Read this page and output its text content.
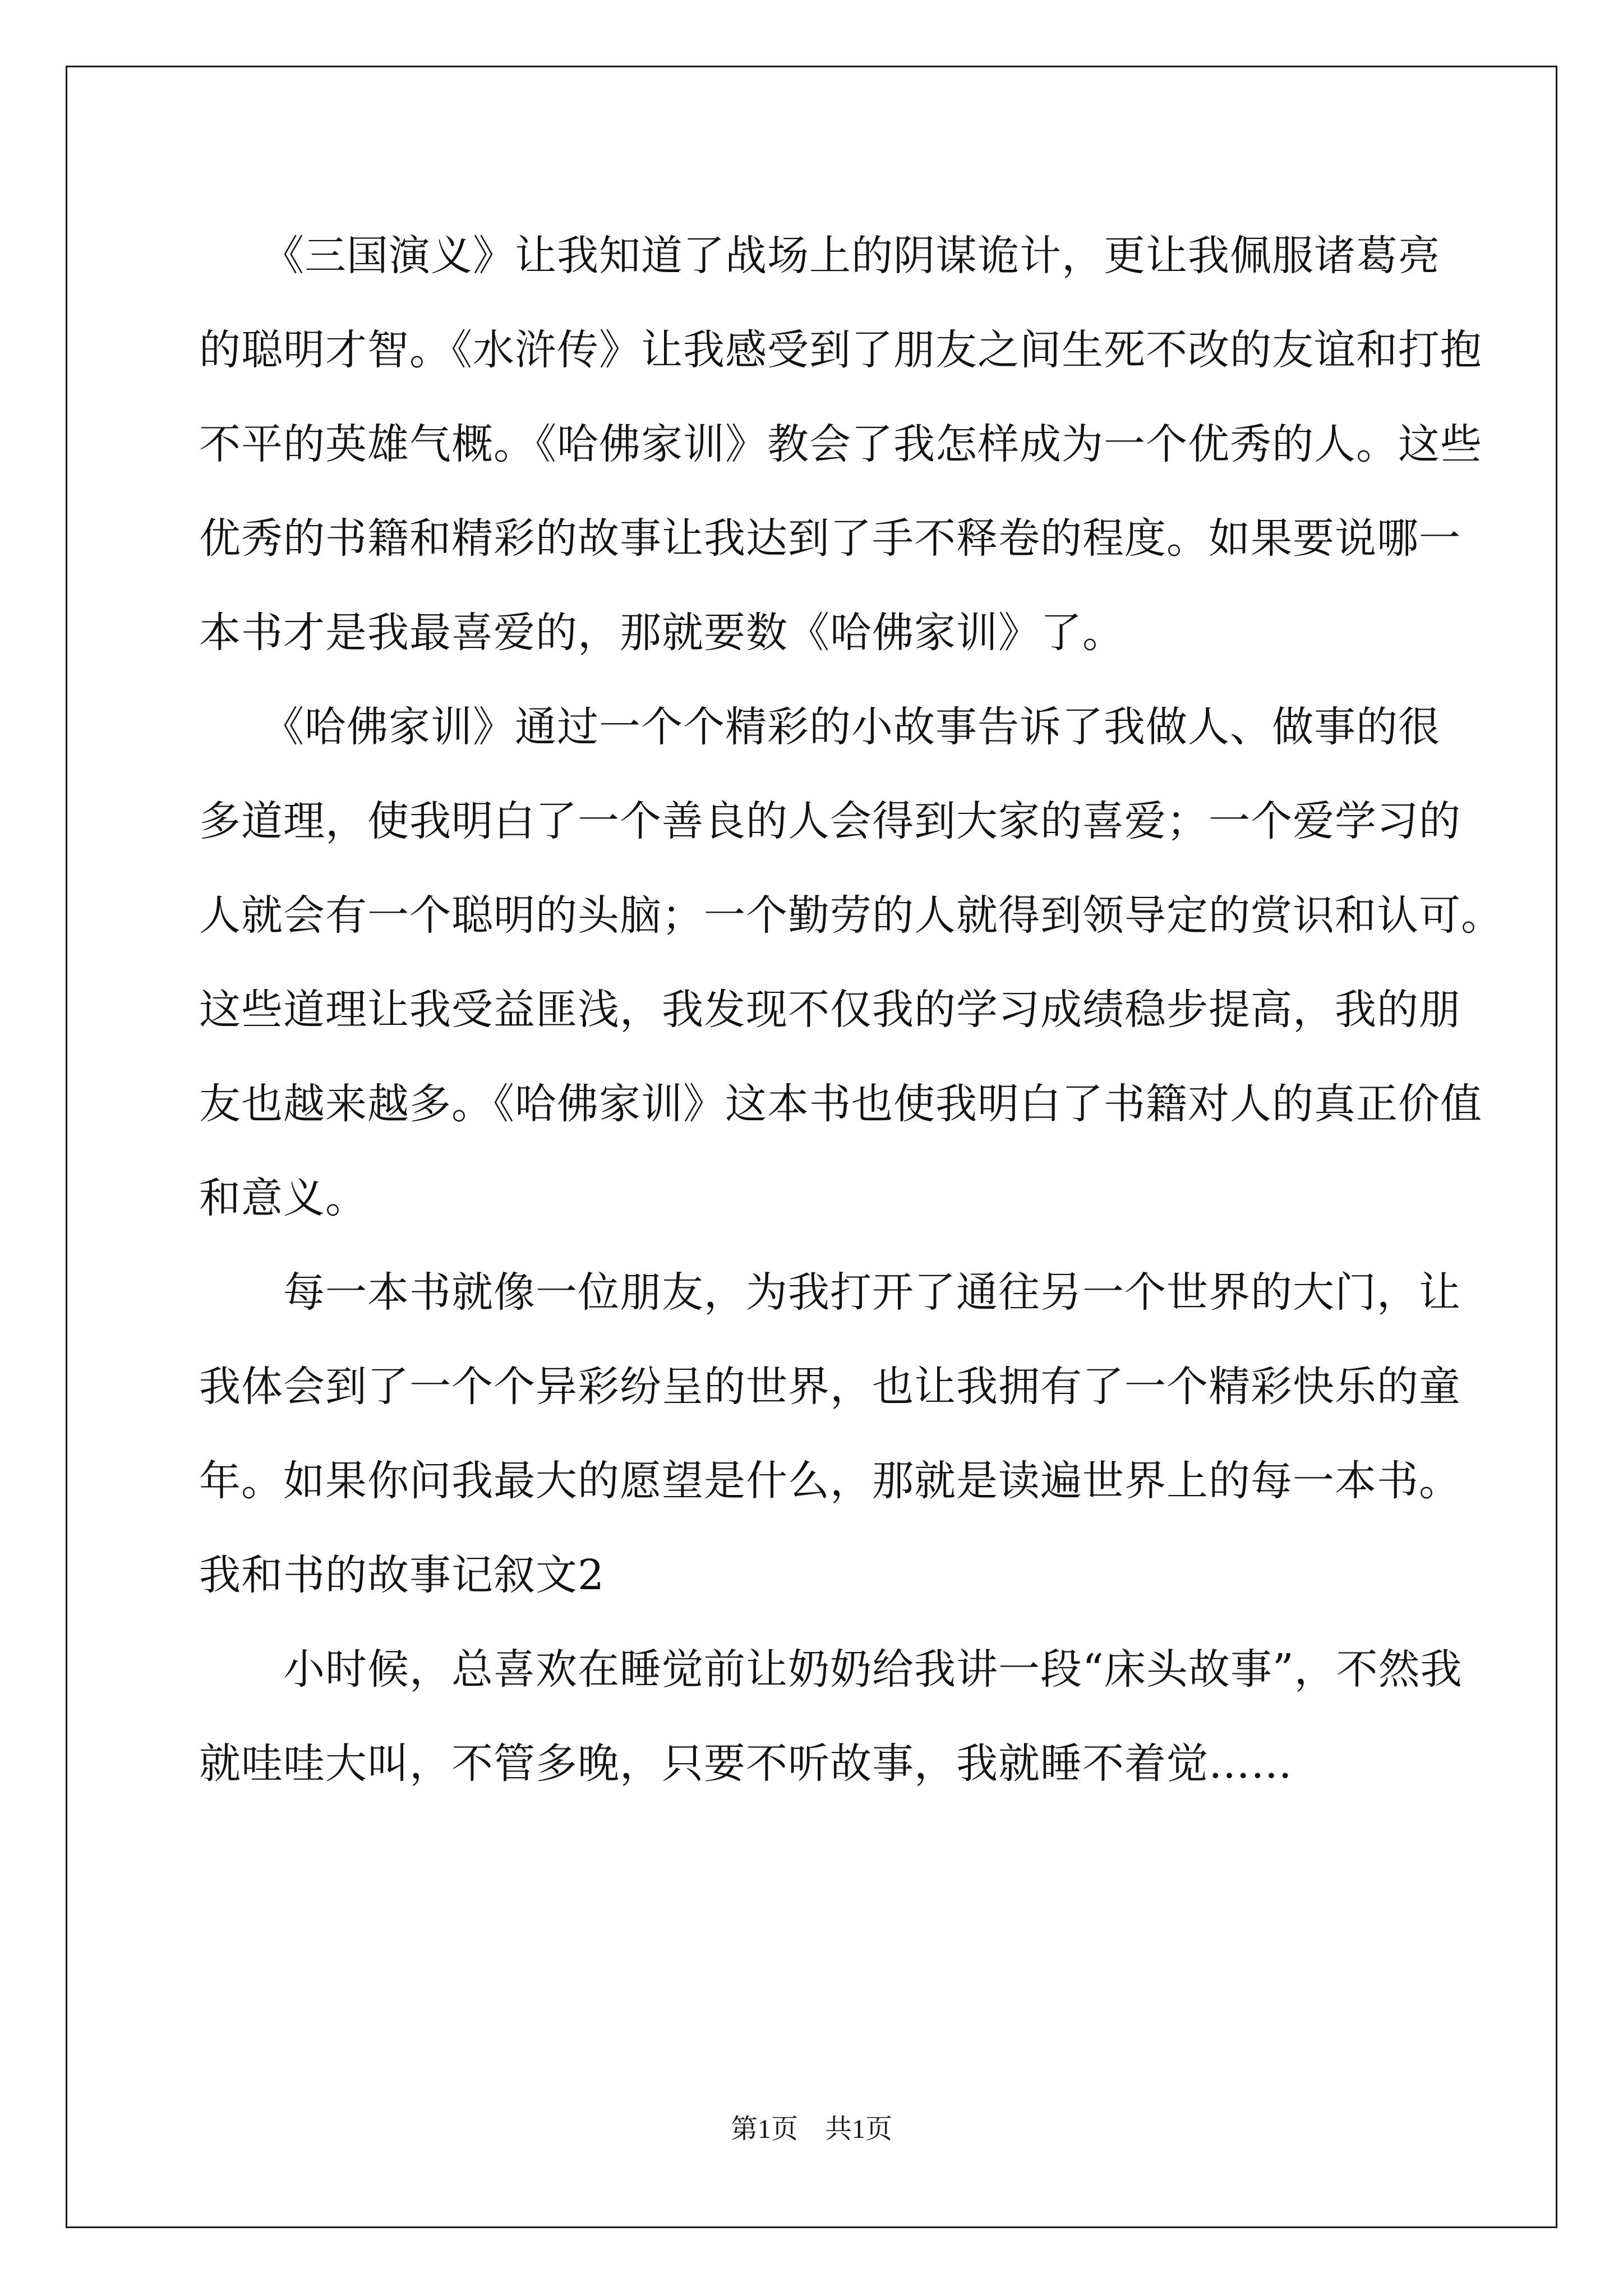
　　《三国演义》让我知道了战场上的阴谋诡计，更让我佩服诸葛亮
的聪明才智。《水浒传》让我感受到了朋友之间生死不改的友谊和打抱
不平的英雄气概。《哈佛家训》教会了我怎样成为一个优秀的人。这些
优秀的书籍和精彩的故事让我达到了手不释卷的程度。如果要说哪一
本书才是我最喜爱的，那就要数《哈佛家训》了。
　　《哈佛家训》通过一个个精彩的小故事告诉了我做人、做事的很
多道理，使我明白了一个善良的人会得到大家的喜爱；一个爱学习的
人就会有一个聪明的头脑；一个勤劳的人就得到领导定的赏识和认可。
这些道理让我受益匪浅，我发现不仅我的学习成绩稳步提高，我的朋
友也越来越多。《哈佛家训》这本书也使我明白了书籍对人的真正价值
和意义。
　　每一本书就像一位朋友，为我打开了通往另一个世界的大门，让
我体会到了一个个异彩纷呈的世界，也让我拥有了一个精彩快乐的童
年。如果你问我最大的愿望是什么，那就是读遍世界上的每一本书。
我和书的故事记叙文2
　　小时候，总喜欢在睡觉前让奶奶给我讲一段“床头故事”，不然我
就哇哇大叫，不管多晚，只要不听故事，我就睡不着觉……
第1页　共1页
